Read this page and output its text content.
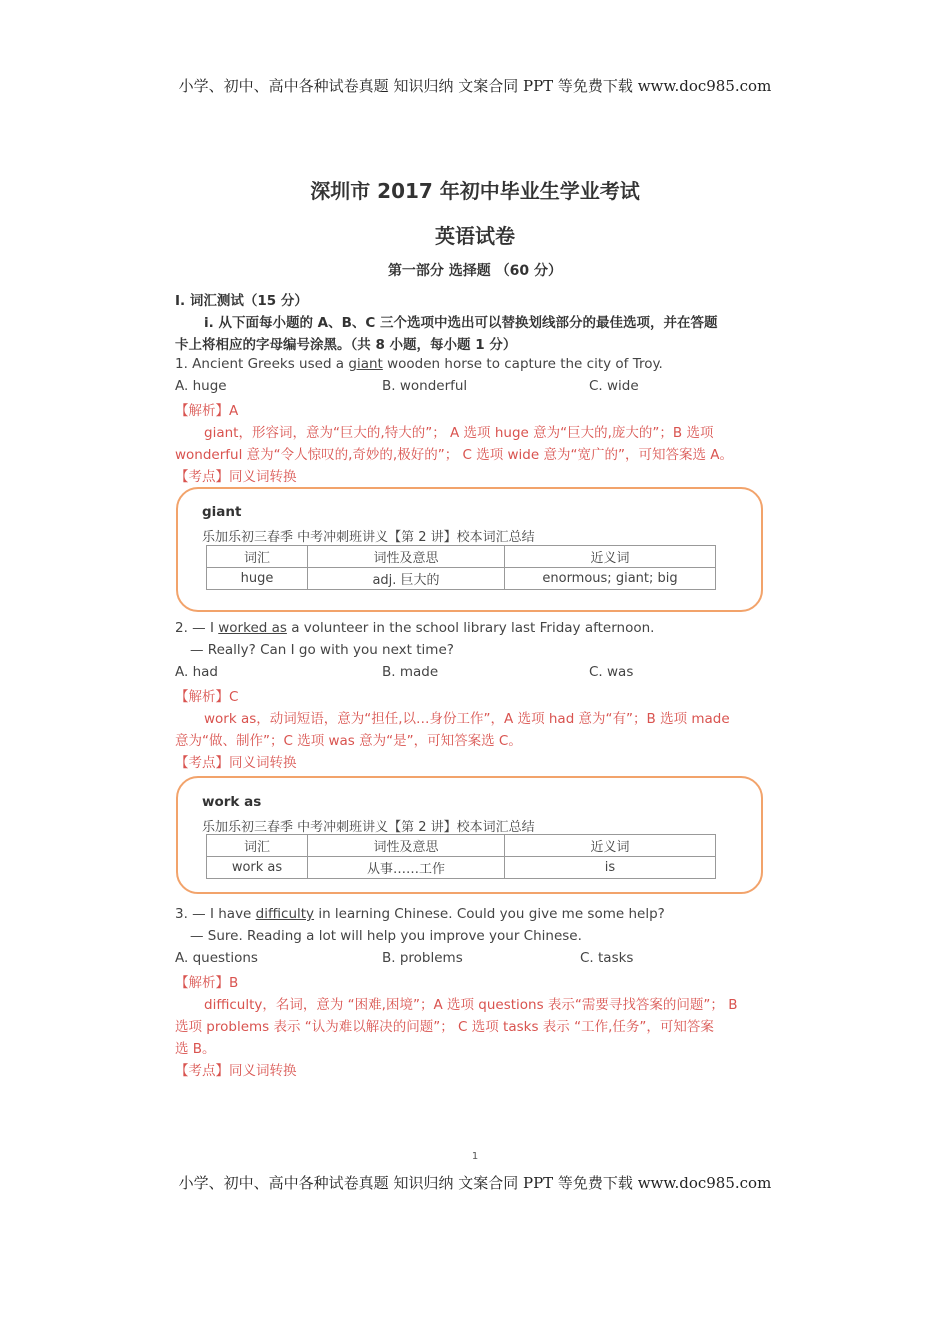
小学、初中、高中各种试卷真题 知识归纳 文案合同 PPT 等免费下载 www.doc985.com
小学、初中、高中各种试卷真题 知识归纳 文案合同 PPT 等免费下载 www.doc985.com
深圳市 2017 年初中毕业生学业考试
英语试卷
第一部分 选择题 （60 分）
I. 词汇测试（15 分）
i. 从下面每小题的 A、B、C 三个选项中选出可以替换划线部分的最佳选项，并在答题
卡上将相应的字母编号涂黑。（共 8 小题，每小题 1 分）
1. Ancient Greeks used a giant wooden horse to capture the city of Troy.
A. huge	B. wonderful	C. wide
【解析】A
giant，形容词，意为“巨大的,特大的”； A 选项 huge 意为“巨大的,庞大的”；B 选项
wonderful 意为“令人惊叹的,奇妙的,极好的”； C 选项 wide 意为“宽广的”，可知答案选 A。
【考点】同义词转换
giant
乐加乐初三春季 中考冲刺班讲义【第 2 讲】校本词汇总结
词汇	词性及意思	近义词
huge	adj. 巨大的	enormous; giant; big
2. — I worked as a volunteer in the school library last Friday afternoon.
— Really? Can I go with you next time?
A. had	B. made	C. was
【解析】C
work as，动词短语，意为“担任,以…身份工作”，A 选项 had 意为“有”；B 选项 made
意为“做、制作”；C 选项 was 意为“是”，可知答案选 C。
【考点】同义词转换
work as
乐加乐初三春季 中考冲刺班讲义【第 2 讲】校本词汇总结
词汇	词性及意思	近义词
work as	从事……工作	is
3. — I have difficulty in learning Chinese. Could you give me some help?
— Sure. Reading a lot will help you improve your Chinese.
A. questions	B. problems	C. tasks
【解析】B
difficulty，名词，意为 “困难,困境”；A 选项 questions 表示“需要寻找答案的问题”； B
选项 problems 表示 “认为难以解决的问题”； C 选项 tasks 表示 “工作,任务”，可知答案
选 B。
【考点】同义词转换
1
